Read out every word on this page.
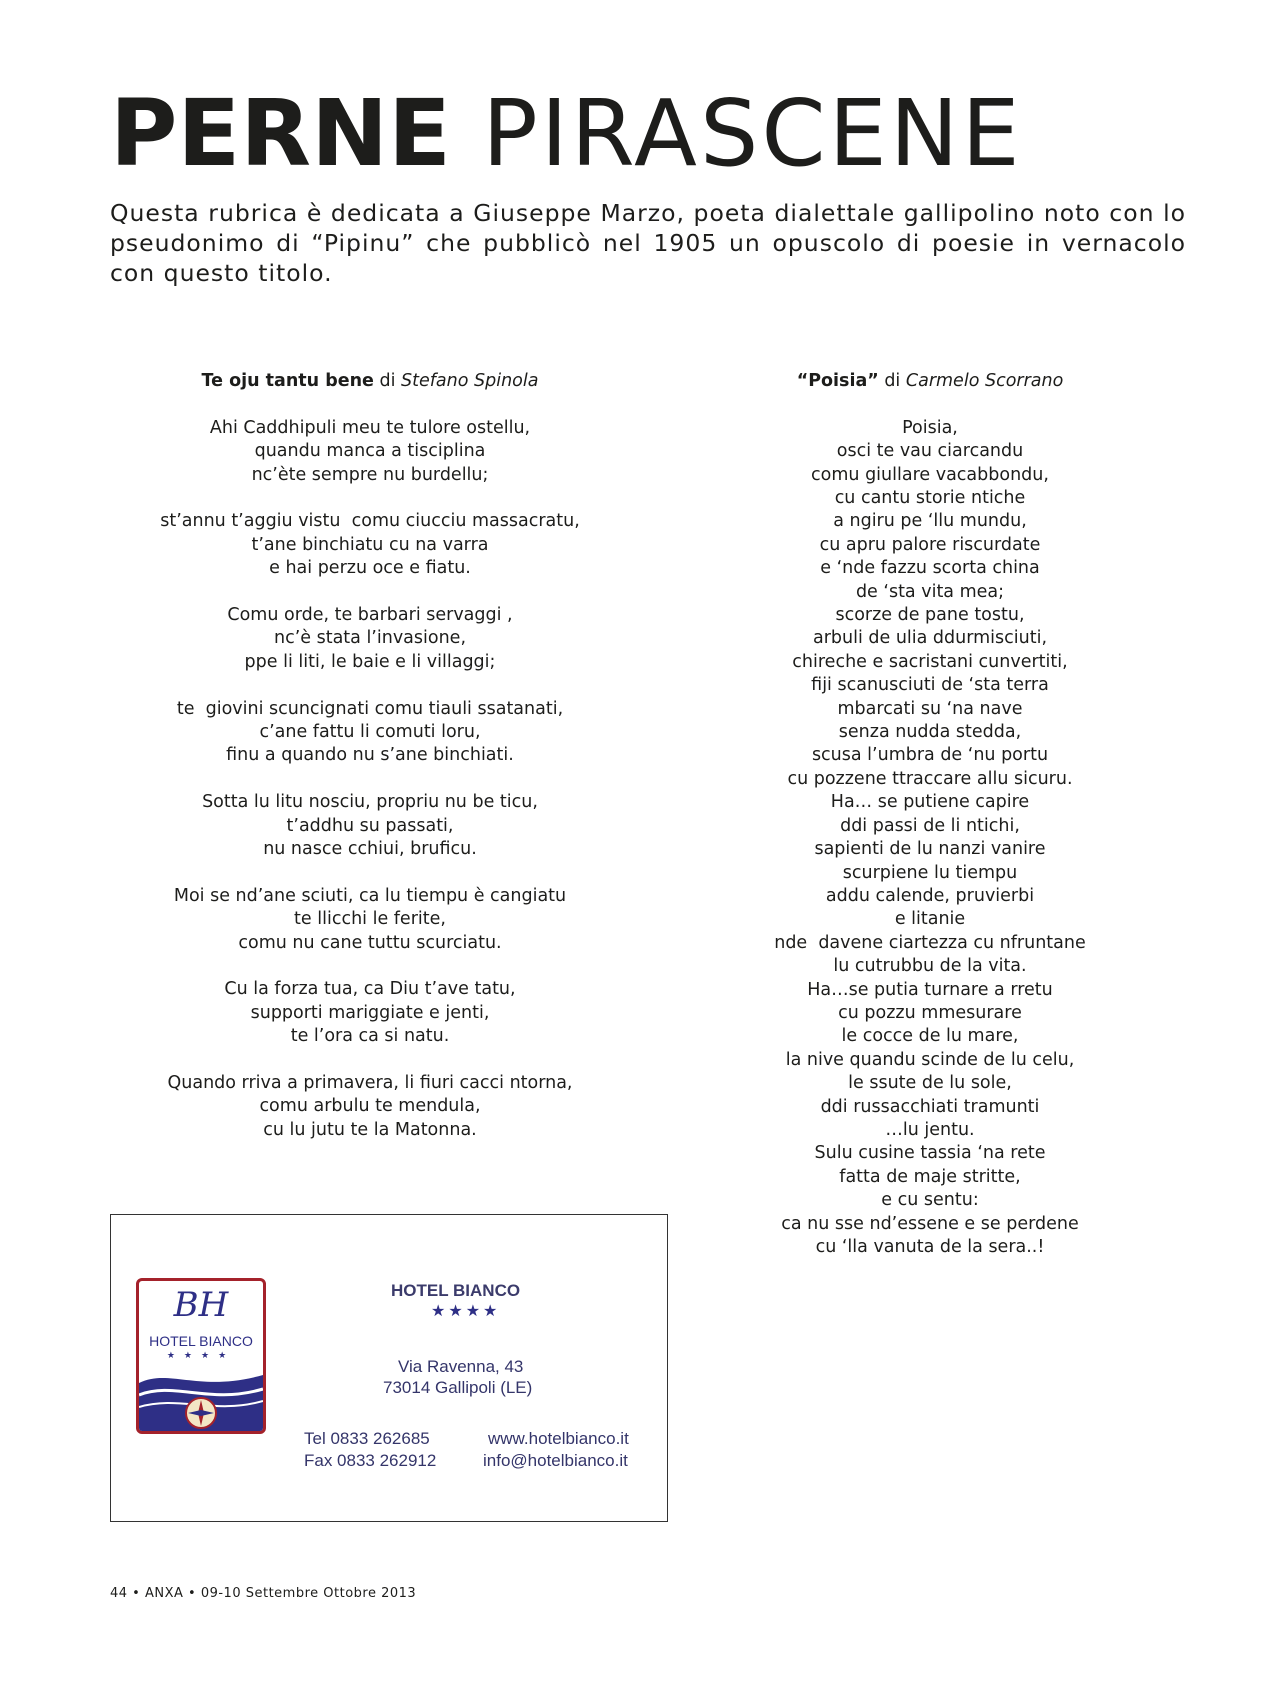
PERNE PIRASCENE
Questa rubrica è dedicata a Giuseppe Marzo, poeta dialettale gallipolino noto con lo pseudonimo di “Pipinu” che pubblicò nel 1905 un opuscolo di poesie in vernacolo con questo titolo.
Te oju tantu bene di Stefano Spinola
Ahi Caddhipuli meu te tulore ostellu,
quandu manca a tisciplina
nc’ète sempre nu burdellu;
st’annu t’aggiu vistu  comu ciucciu massacratu,
t’ane binchiatu cu na varra
e hai perzu oce e fiatu.
Comu orde, te barbari servaggi ,
nc’è stata l’invasione,
ppe li liti, le baie e li villaggi;
te  giovini scuncignati comu tiauli ssatanati,
c’ane fattu li comuti loru,
finu a quando nu s’ane binchiati.
Sotta lu litu nosciu, propriu nu be ticu,
t’addhu su passati,
nu nasce cchiui, bruficu.
Moi se nd’ane sciuti, ca lu tiempu è cangiatu
te llicchi le ferite,
comu nu cane tuttu scurciatu.
Cu la forza tua, ca Diu t’ave tatu,
supporti mariggiate e jenti,
te l’ora ca si natu.
Quando rriva a primavera, li fiuri cacci ntorna,
comu arbulu te mendula,
cu lu jutu te la Matonna.
“Poisia” di Carmelo Scorrano
Poisia,
osci te vau ciarcandu
comu giullare vacabbondu,
cu cantu storie ntiche
a ngiru pe ‘llu mundu,
cu apru palore riscurdate
e ‘nde fazzu scorta china
de ‘sta vita mea;
scorze de pane tostu,
arbuli de ulia ddurmisciuti,
chireche e sacristani cunvertiti,
fiji scanusciuti de ‘sta terra
mbarcati su ‘na nave
senza nudda stedda,
scusa l’umbra de ‘nu portu
cu pozzene ttraccare allu sicuru.
Ha… se putiene capire
ddi passi de li ntichi,
sapienti de lu nanzi vanire
scurpiene lu tiempu
addu calende, pruvierbi
e litanie
nde  davene ciartezza cu nfruntane
lu cutrubbu de la vita.
Ha…se putia turnare a rretu
cu pozzu mmesurare
le cocce de lu mare,
la nive quandu scinde de lu celu,
le ssute de lu sole,
ddi russacchiati tramunti
…lu jentu.
Sulu cusine tassia ‘na rete
fatta de maje stritte,
e cu sentu:
ca nu sse nd’essene e se perdene
cu ‘lla vanuta de la sera..!
BH
HOTEL BIANCO
★★★★
HOTEL BIANCO
★★★★
Via Ravenna, 43
73014 Gallipoli (LE)
Tel 0833 262685
Fax 0833 262912
www.hotelbianco.it
info@hotelbianco.it
44 • ANXA • 09-10 Settembre Ottobre 2013
